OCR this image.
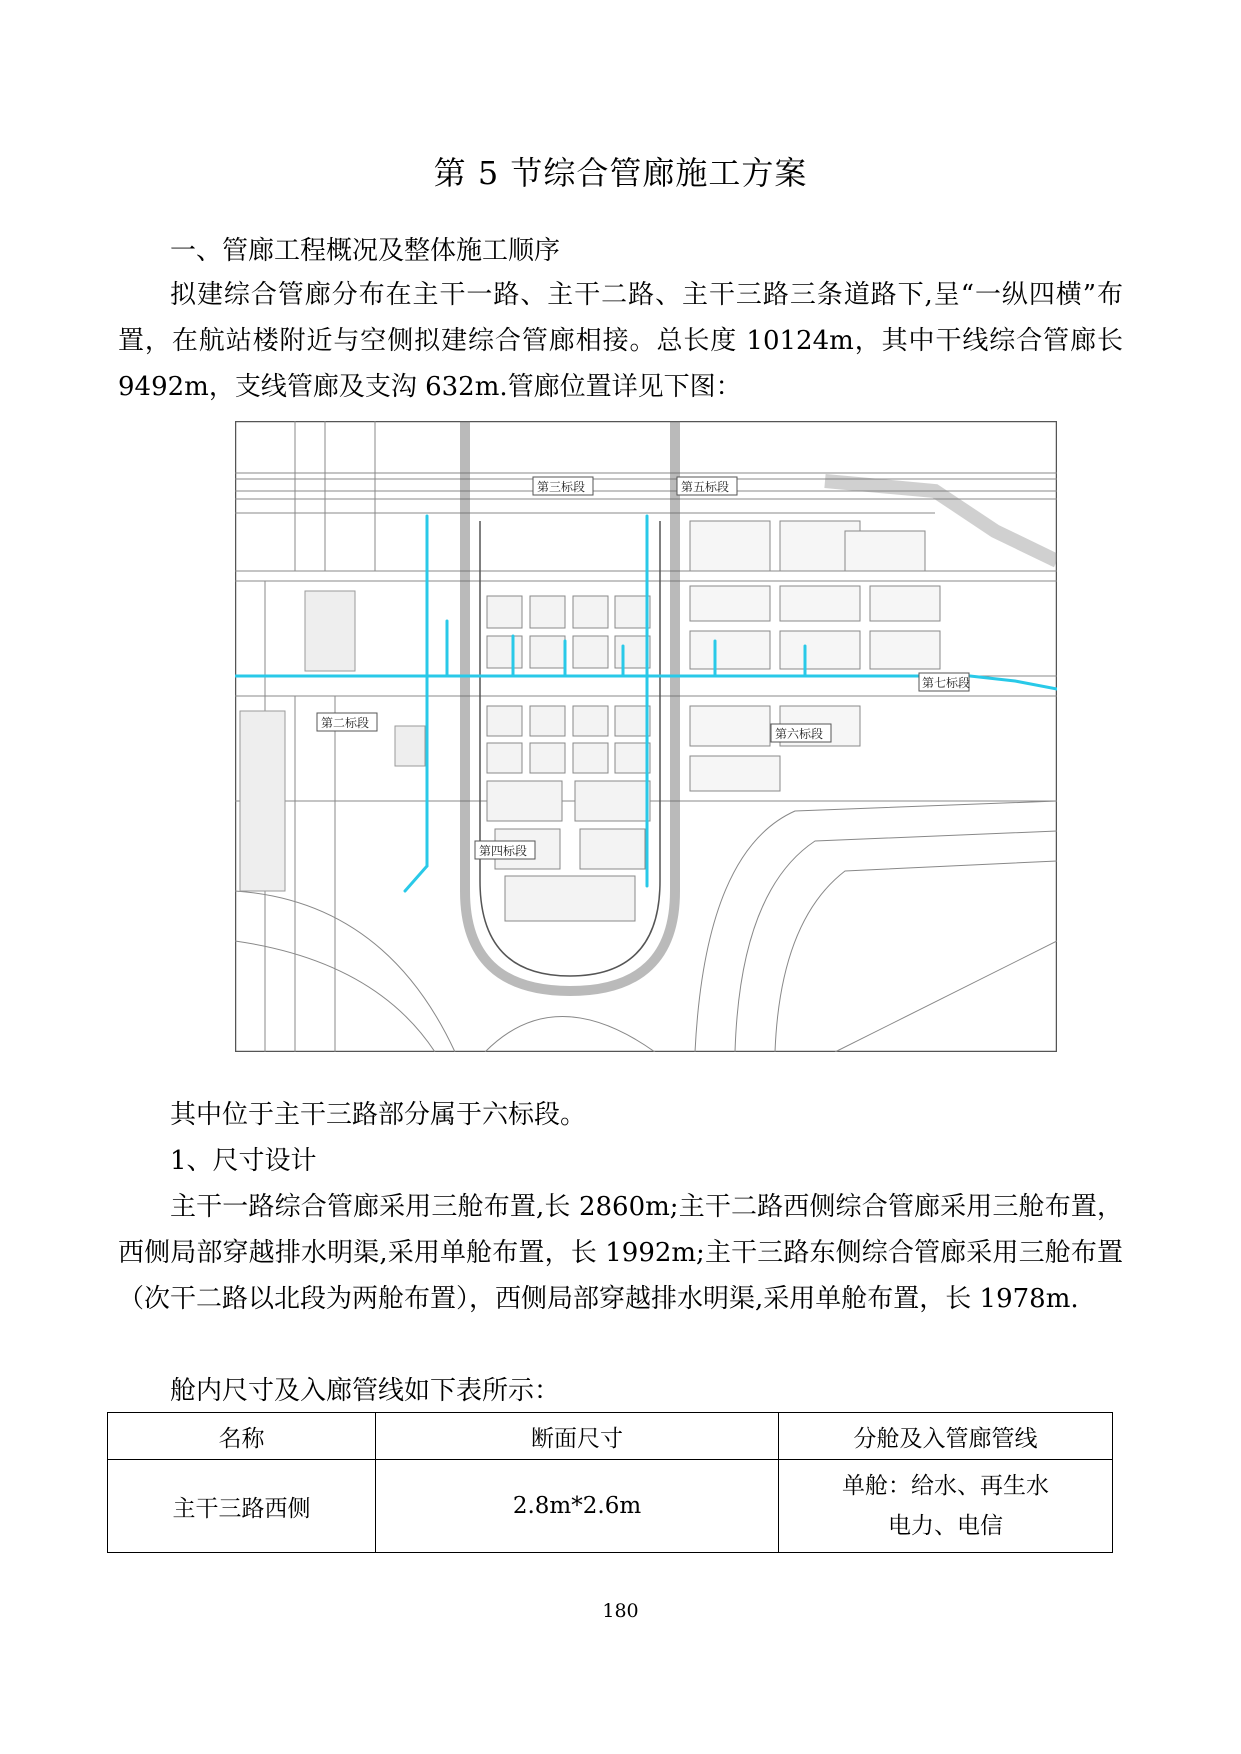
第 5 节综合管廊施工方案
一、管廊工程概况及整体施工顺序
拟建综合管廊分布在主干一路、主干二路、主干三路三条道路下,呈“一纵四横”布置，在航站楼附近与空侧拟建综合管廊相接。总长度 10124m，其中干线综合管廊长 9492m，支线管廊及支沟 632m.管廊位置详见下图：
第三标段	第五标段
第二标段
第四标段
第六标段
第七标段
其中位于主干三路部分属于六标段。
1、尺寸设计
主干一路综合管廊采用三舱布置,长 2860m;主干二路西侧综合管廊采用三舱布置，西侧局部穿越排水明渠,采用单舱布置，长 1992m;主干三路东侧综合管廊采用三舱布置（次干二路以北段为两舱布置），西侧局部穿越排水明渠,采用单舱布置，长 1978m.
舱内尺寸及入廊管线如下表所示：
名称	断面尺寸	分舱及入管廊管线
主干三路西侧	2.8m*2.6m	单舱：给水、再生水
电力、电信
180
